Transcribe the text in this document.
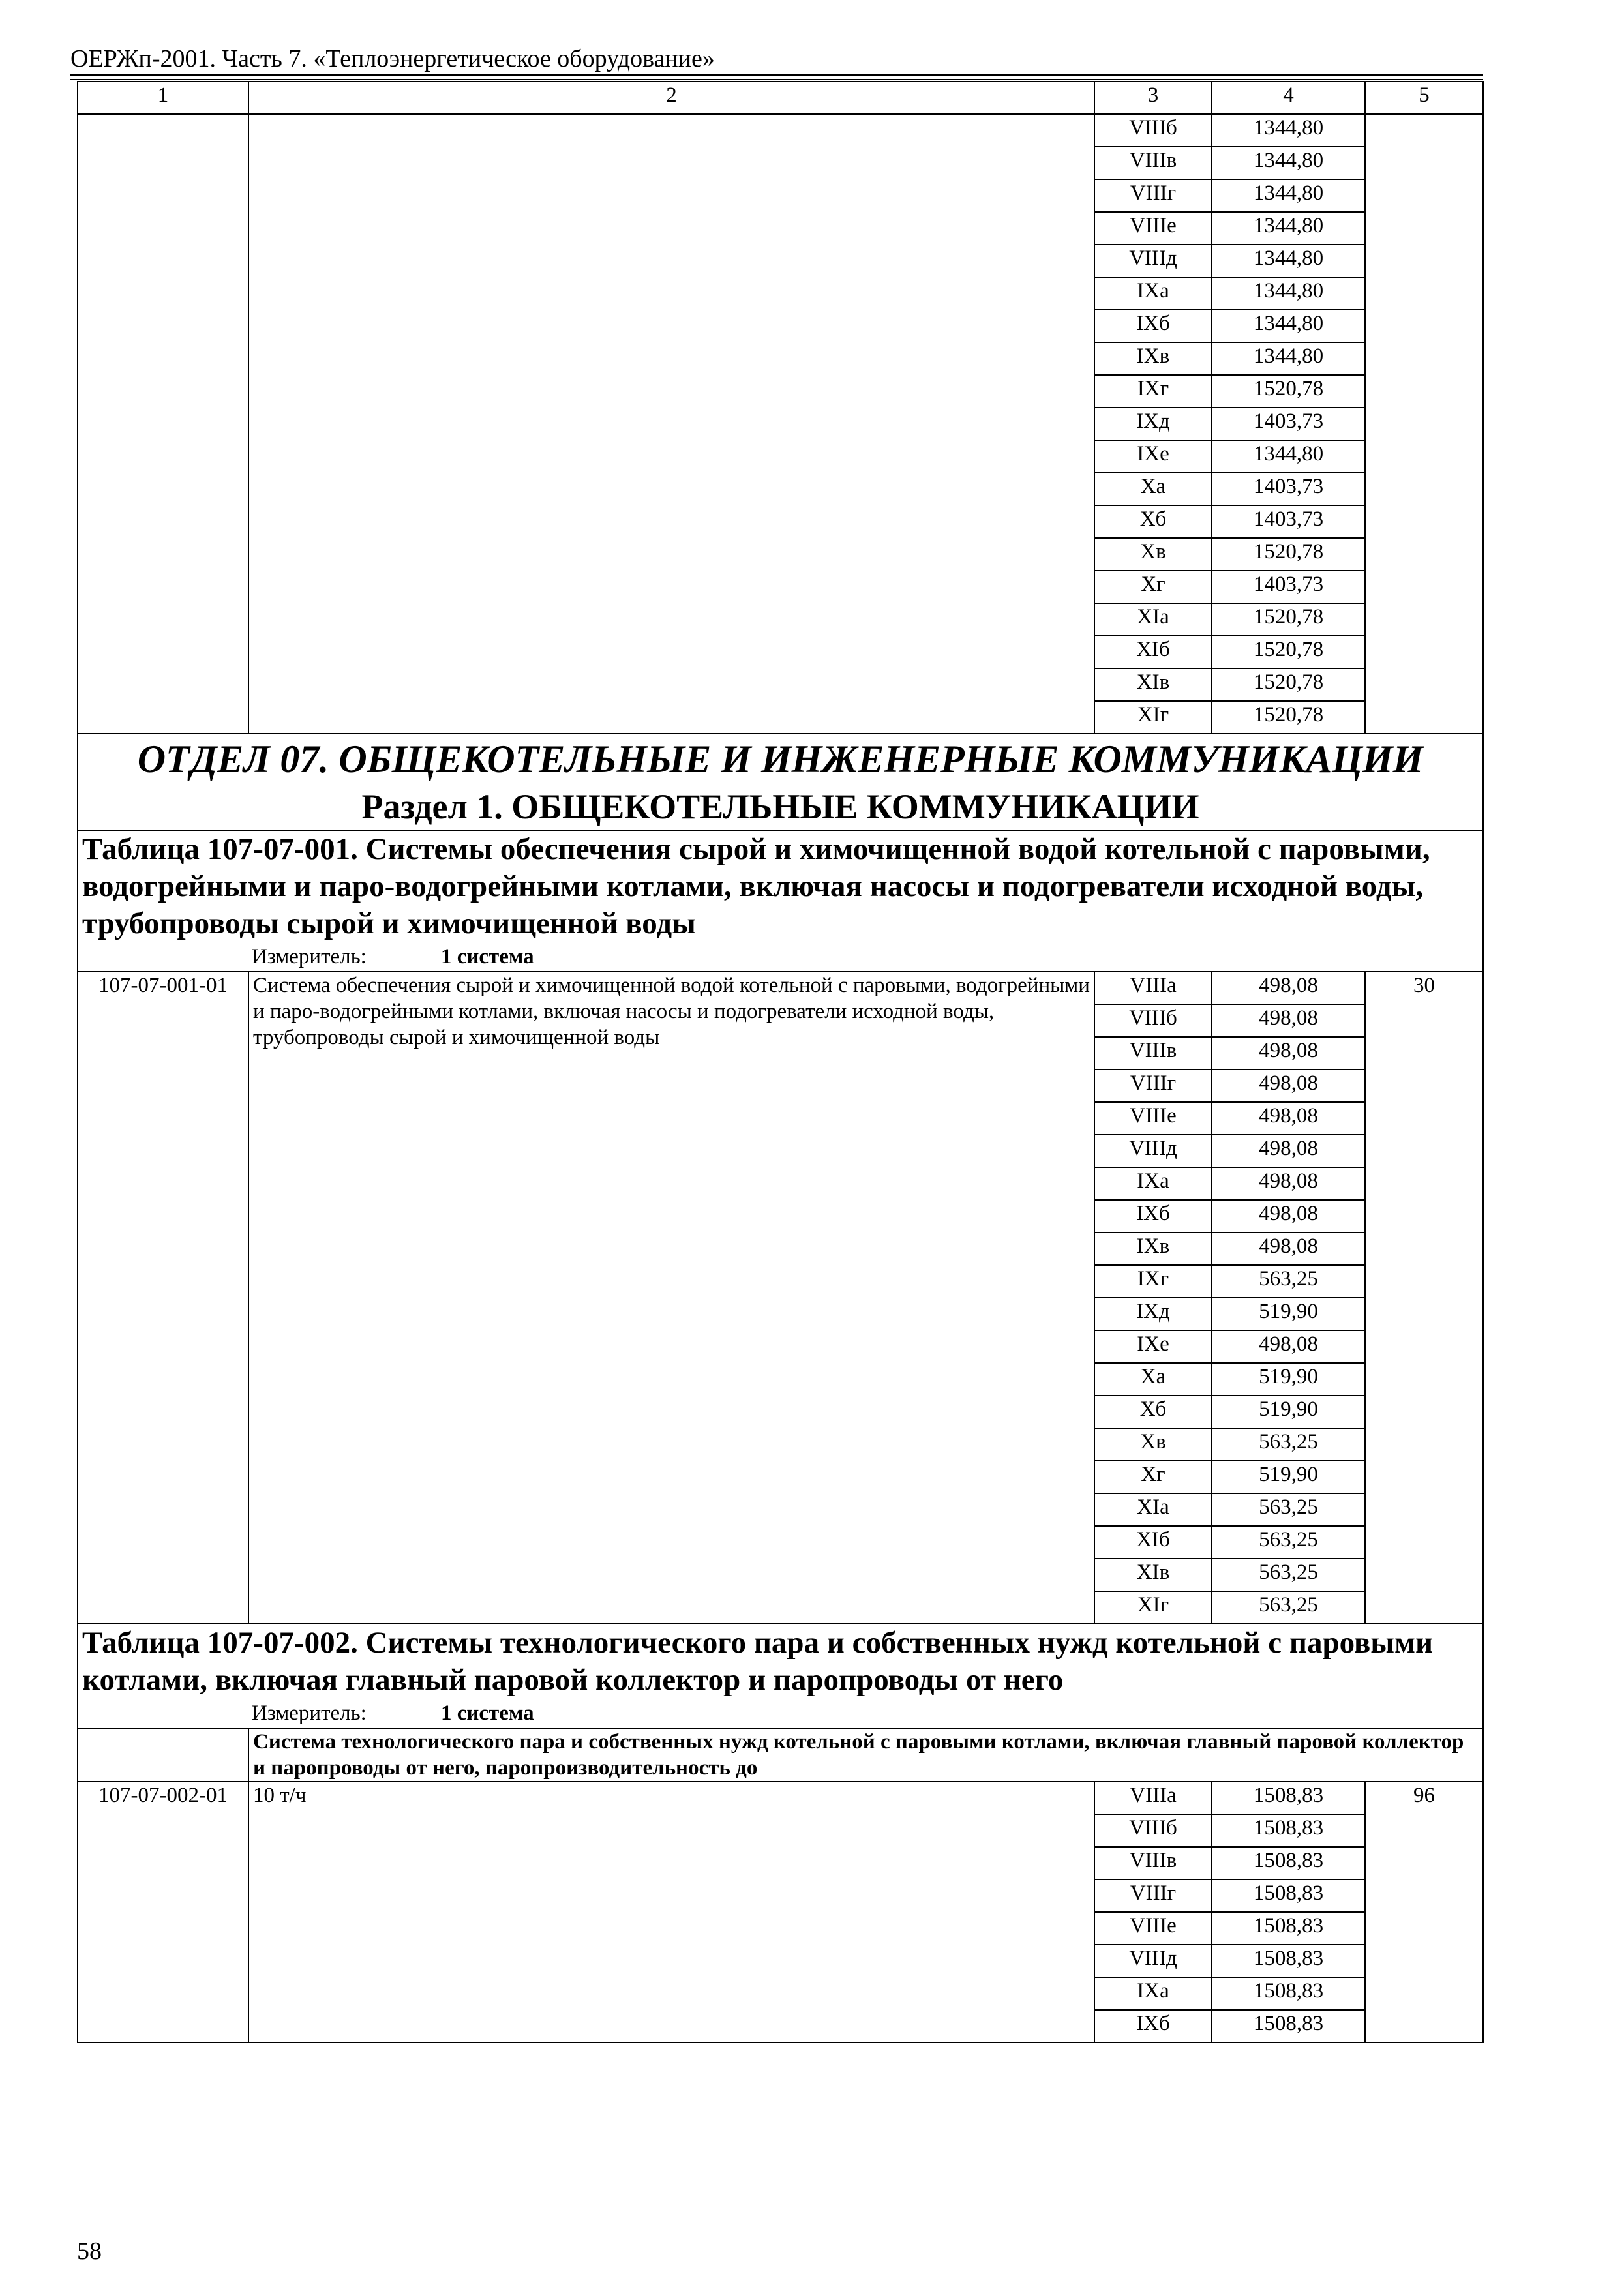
ОЕРЖп-2001. Часть 7. «Теплоэнергетическое оборудование»
1	2	3	4	5
		VIIIб	1344,80	
		VIIIв	1344,80	
		VIIIг	1344,80	
		VIIIе	1344,80	
		VIIIд	1344,80	
		IXа	1344,80	
		IXб	1344,80	
		IXв	1344,80	
		IXг	1520,78	
		IXд	1403,73	
		IXе	1344,80	
		Xа	1403,73	
		Xб	1403,73	
		Xв	1520,78	
		Xг	1403,73	
		XIа	1520,78	
		XIб	1520,78	
		XIв	1520,78	
		XIг	1520,78	

ОТДЕЛ 07. ОБЩЕКОТЕЛЬНЫЕ И ИНЖЕНЕРНЫЕ КОММУНИКАЦИИ
Раздел 1. ОБЩЕКОТЕЛЬНЫЕ КОММУНИКАЦИИ				

Таблица 107-07-001. Системы обеспечения сырой и химочищенной водой котельной с паровыми, водогрейными и паро-водогрейными котлами, включая насосы и подогреватели исходной воды, трубопроводы сырой и химочищенной воды
Измеритель: 1 система				

107-07-001-01	Система обеспечения сырой и химочищенной водой котельной с паровыми, водогрейными и паро-водогрейными котлами, включая насосы и подогреватели исходной воды, трубопроводы сырой и химочищенной воды	VIIIа	498,08	30
		VIIIб	498,08	
		VIIIв	498,08	
		VIIIг	498,08	
		VIIIе	498,08	
		VIIIд	498,08	
		IXа	498,08	
		IXб	498,08	
		IXв	498,08	
		IXг	563,25	
		IXд	519,90	
		IXе	498,08	
		Xа	519,90	
		Xб	519,90	
		Xв	563,25	
		Xг	519,90	
		XIа	563,25	
		XIб	563,25	
		XIв	563,25	
		XIг	563,25	

Таблица 107-07-002. Системы технологического пара и собственных нужд котельной с паровыми котлами, включая главный паровой коллектор и паропроводы от него
Измеритель: 1 система				

	Система технологического пара и собственных нужд котельной с паровыми котлами, включая главный паровой коллектор и паропроводы от него, паропроизводительность до			
107-07-002-01	10 т/ч	VIIIа	1508,83	96
		VIIIб	1508,83	
		VIIIв	1508,83	
		VIIIг	1508,83	
		VIIIе	1508,83	
		VIIIд	1508,83	
		IXа	1508,83	
		IXб	1508,83	
58
